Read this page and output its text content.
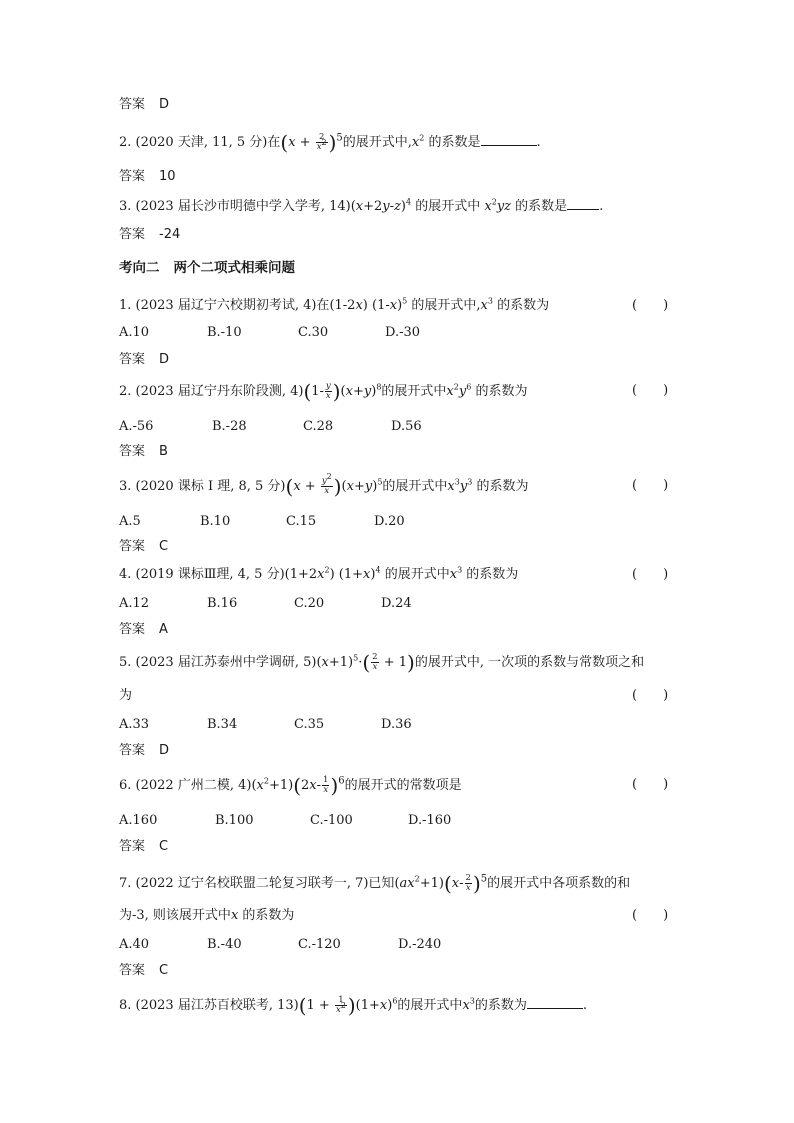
答案 D
2. (2020 天津, 11, 5 分)在$(x + \frac{2}{x^2} )^5$的展开式中$,x^2$ 的系数是	.
答案 10
3. (2023 届长沙市明德中学入学考, $14)(x+2y-z)^4$ 的展开式中 $x^2yz$ 的系数是 .
答案 -24
考向二 两个二项式相乘问题
1. (2023 届辽宁六校期初考试, 4)在(1-2x) $(1-x)^5$ 的展开式中$,x^3$ 的系数为	(　　)
A.10	B.-10	C.30	D.-30
答案 D
2. (2023 届辽宁丹东阶段测, $4)(1- \frac{y}{x} )(x+y)^8$的展开式中$x^2y^6$ 的系数为	(　　)
A.-56	B.-28	C.28	D.56
答案 B
3. (2020 课标 Ⅰ 理, 8, 5 分)$(x + \frac{y^2}{x} )(x+y)^5$的展开式中$x^3y^3$ 的系数为	(　　)
A.5	B.10	C.15	D.20
答案 C
4. (2019 课标Ⅲ理, 4, 5 分)$(1+2x^2)$ $(1+x)^4$ 的展开式中$x^3$ 的系数为	(　　)
A.12	B.16	C.20	D.24
答案 A
5. (2023 届江苏泰州中学调研, $5)(x+1)^5\cdot( \frac{2}{x} + 1)$的展开式中, 一次项的系数与常数项之和
为	(　　)
A.33	B.34	C.35	D.36
答案 D
6. (2022 广州二模, $4)(x^2+1)(2x- \frac{1}{x} )^6$的展开式的常数项是	(　　)
A.160	B.100	C.-100	D.-160
答案 C
7. (2022 辽宁名校联盟二轮复习联考一, 7)已知$(ax^2+1)(x- \frac{2}{x} )^5$的展开式中各项系数的和
为-3, 则该展开式中x 的系数为	(　　)
A.40	B.-40	C.-120	D.-240
答案 C
8. (2023 届江苏百校联考, $13)(1 + \frac{1}{x^2} )(1+x)^6$的展开式中$x^3$的系数为	.
